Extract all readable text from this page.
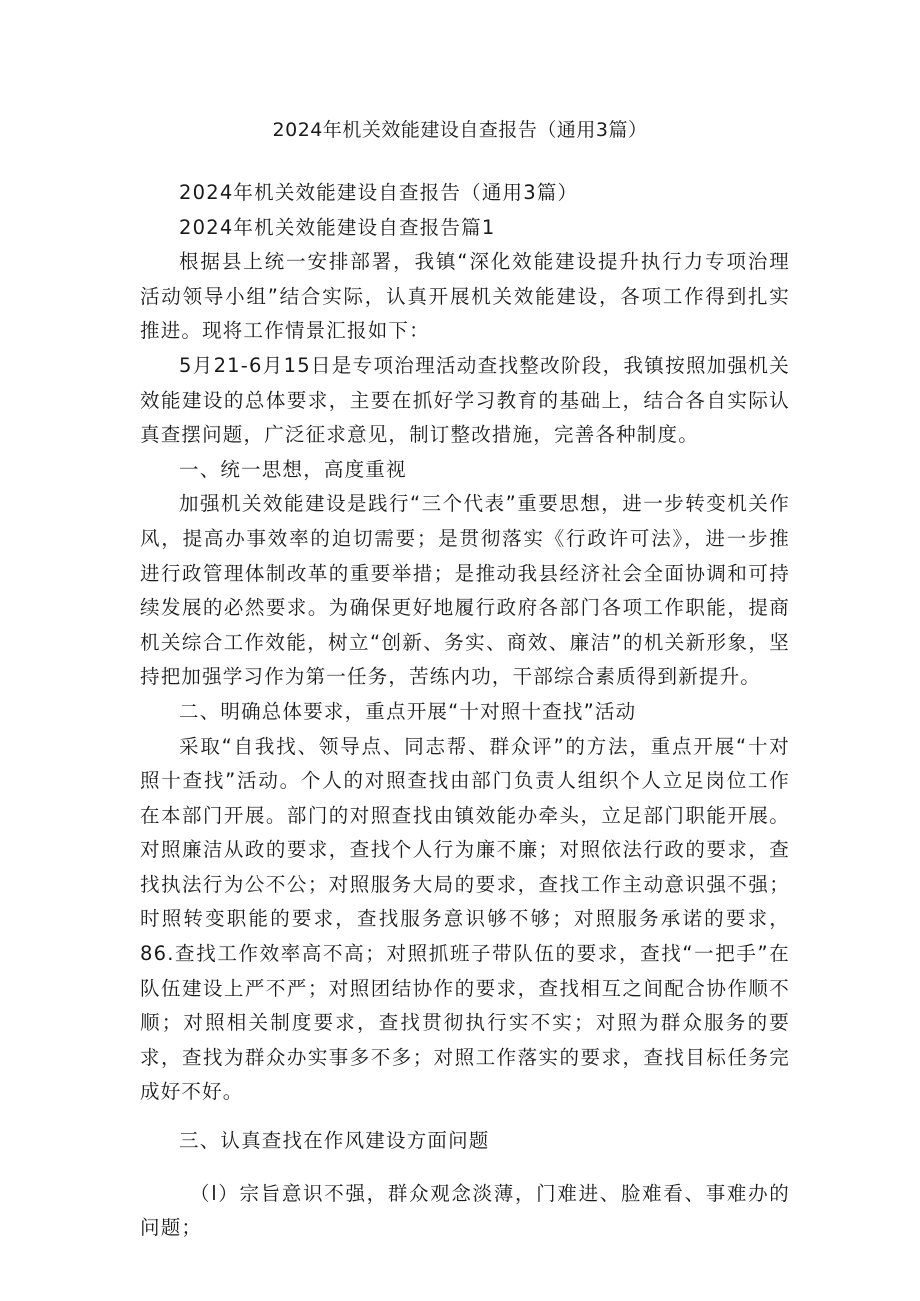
2024年机关效能建设自查报告（通用3篇）

2024年机关效能建设自查报告（通用3篇）

2024年机关效能建设自查报告篇1

根据县上统一安排部署，我镇“深化效能建设提升执行力专项治理活动领导小组”结合实际，认真开展机关效能建设，各项工作得到扎实推进。现将工作情景汇报如下：

5月21-6月15日是专项治理活动查找整改阶段，我镇按照加强机关效能建设的总体要求，主要在抓好学习教育的基础上，结合各自实际认真查摆问题，广泛征求意见，制订整改措施，完善各种制度。

一、统一思想，高度重视

加强机关效能建设是践行“三个代表”重要思想，进一步转变机关作风，提高办事效率的迫切需要；是贯彻落实《行政许可法》，进一步推进行政管理体制改革的重要举措；是推动我县经济社会全面协调和可持续发展的必然要求。为确保更好地履行政府各部门各项工作职能，提商机关综合工作效能，树立“创新、务实、商效、廉洁”的机关新形象，坚持把加强学习作为第一任务，苦练内功，干部综合素质得到新提升。

二、明确总体要求，重点开展“十对照十查找”活动

采取“自我找、领导点、同志帮、群众评”的方法，重点开展“十对照十查找”活动。个人的对照查找由部门负责人组织个人立足岗位工作在本部门开展。部门的对照查找由镇效能办牵头，立足部门职能开展。对照廉洁从政的要求，查找个人行为廉不廉；对照依法行政的要求，查找执法行为公不公；对照服务大局的要求，查找工作主动意识强不强；时照转变职能的要求，查找服务意识够不够；对照服务承诺的要求，86.查找工作效率高不高；对照抓班子带队伍的要求，查找“一把手”在队伍建设上严不严；对照团结协作的要求，查找相互之间配合协作顺不顺；对照相关制度要求，查找贯彻执行实不实；对照为群众服务的要求，查找为群众办实事多不多；对照工作落实的要求，查找目标任务完成好不好。

三、认真查找在作风建设方面问题

（l）宗旨意识不强，群众观念淡薄，门难进、脸难看、事难办的问题；
